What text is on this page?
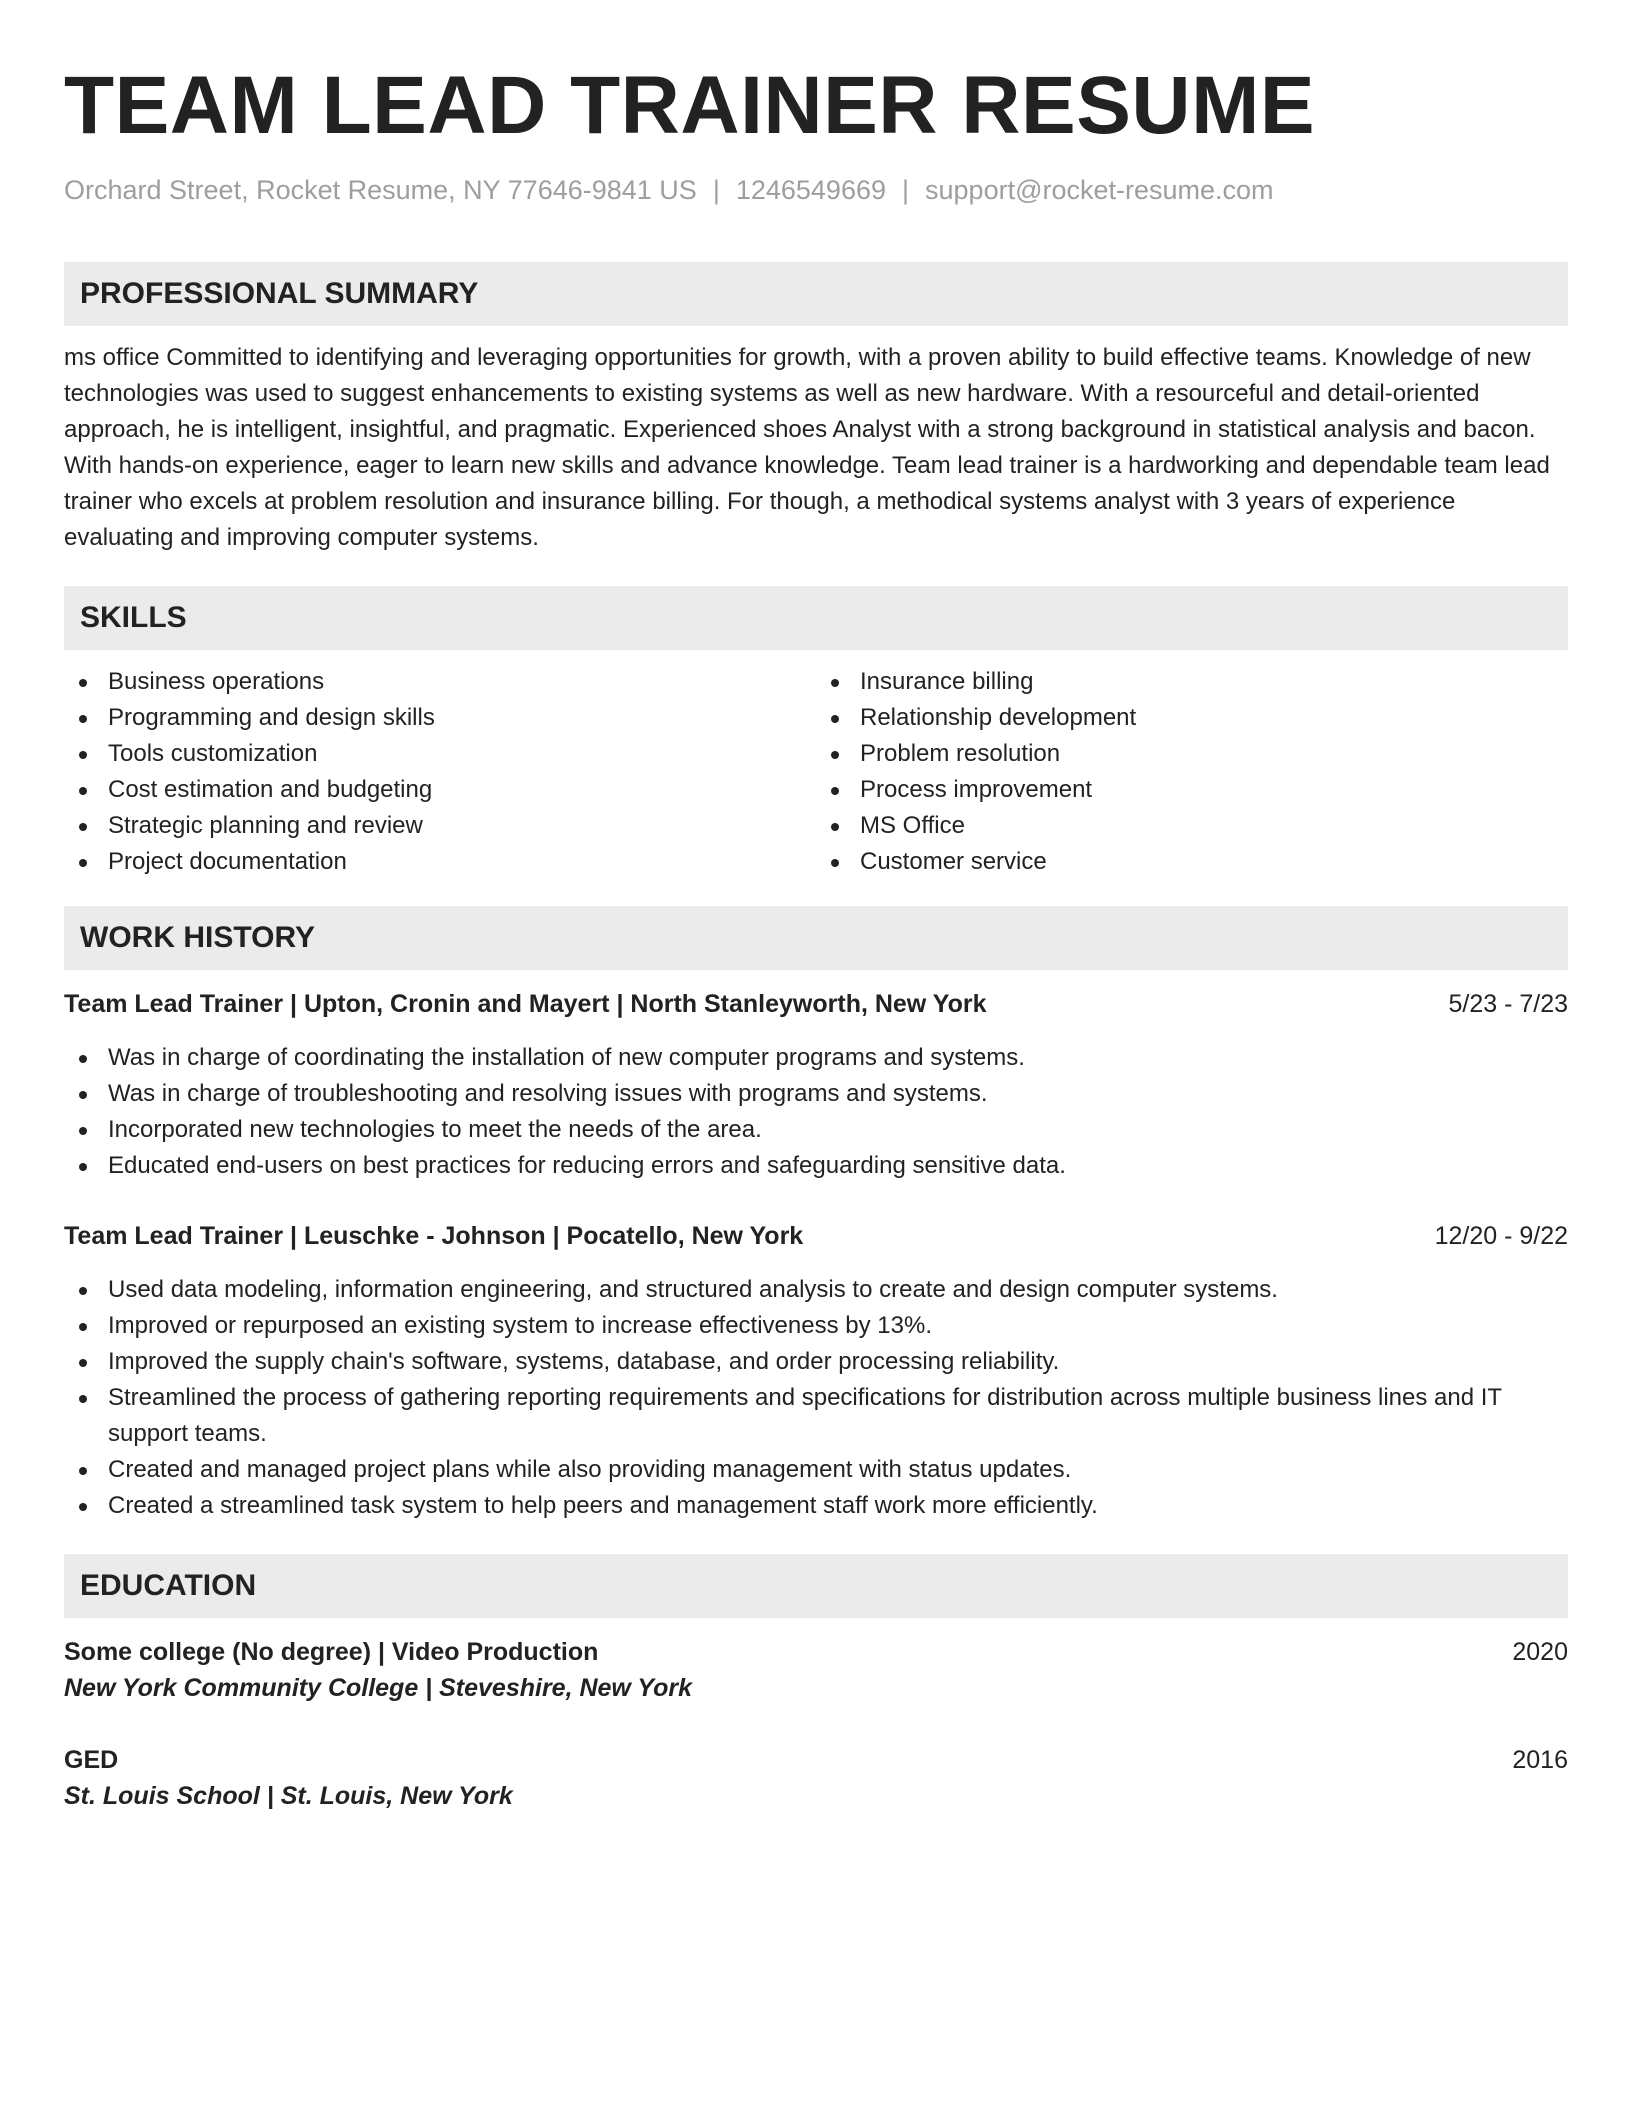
TEAM LEAD TRAINER RESUME
Orchard Street, Rocket Resume, NY 77646-9841 US | 1246549669 | support@rocket-resume.com
PROFESSIONAL SUMMARY

ms office Committed to identifying and leveraging opportunities for growth, with a proven ability to build effective teams. Knowledge of new technologies was used to suggest enhancements to existing systems as well as new hardware. With a resourceful and detail-oriented approach, he is intelligent, insightful, and pragmatic. Experienced shoes Analyst with a strong background in statistical analysis and bacon. With hands-on experience, eager to learn new skills and advance knowledge. Team lead trainer is a hardworking and dependable team lead trainer who excels at problem resolution and insurance billing. For though, a methodical systems analyst with 3 years of experience evaluating and improving computer systems.

SKILLS
Business operations
Programming and design skills
Tools customization
Cost estimation and budgeting
Strategic planning and review
Project documentation
Insurance billing
Relationship development
Problem resolution
Process improvement
MS Office
Customer service
WORK HISTORY
Team Lead Trainer | Upton, Cronin and Mayert | North Stanleyworth, New York	5/23 - 7/23
Was in charge of coordinating the installation of new computer programs and systems.
Was in charge of troubleshooting and resolving issues with programs and systems.
Incorporated new technologies to meet the needs of the area.
Educated end-users on best practices for reducing errors and safeguarding sensitive data.
Team Lead Trainer | Leuschke - Johnson | Pocatello, New York	12/20 - 9/22
Used data modeling, information engineering, and structured analysis to create and design computer systems.
Improved or repurposed an existing system to increase effectiveness by 13%.
Improved the supply chain's software, systems, database, and order processing reliability.
Streamlined the process of gathering reporting requirements and specifications for distribution across multiple business lines and IT support teams.
Created and managed project plans while also providing management with status updates.
Created a streamlined task system to help peers and management staff work more efficiently.
EDUCATION
Some college (No degree) | Video Production	2020
New York Community College | Steveshire, New York
GED	2016
St. Louis School | St. Louis, New York
